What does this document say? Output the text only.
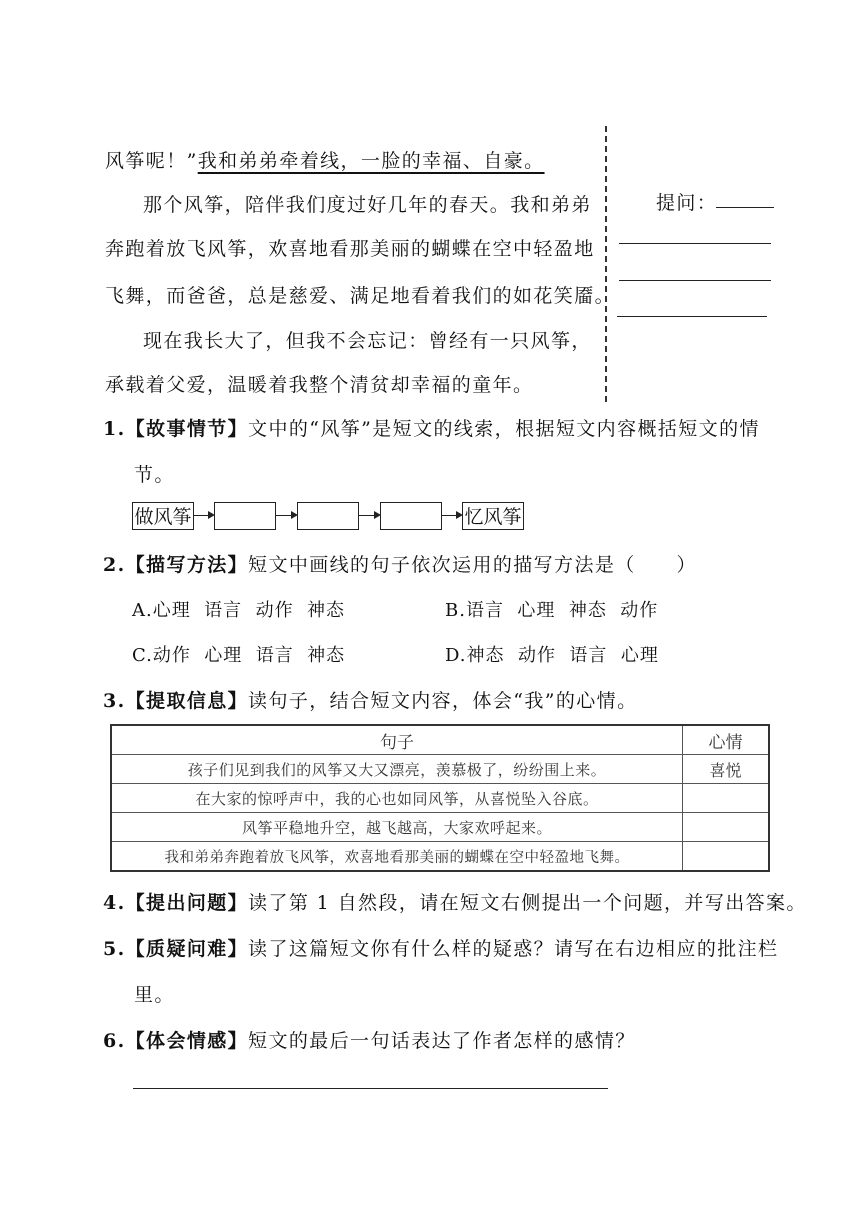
风筝呢！”我和弟弟牵着线，一脸的幸福、自豪。
那个风筝，陪伴我们度过好几年的春天。我和弟弟
奔跑着放飞风筝，欢喜地看那美丽的蝴蝶在空中轻盈地
飞舞，而爸爸，总是慈爱、满足地看着我们的如花笑靥。
现在我长大了，但我不会忘记：曾经有一只风筝，
承载着父爱，温暖着我整个清贫却幸福的童年。
提问：
1.【故事情节】文中的“风筝”是短文的线索，根据短文内容概括短文的情
节。
做风筝	忆风筝
2.【描写方法】短文中画线的句子依次运用的描写方法是（　　）
A.心理  语言  动作  神态	B.语言  心理  神态  动作
C.动作  心理  语言  神态	D.神态  动作  语言  心理
3.【提取信息】读句子，结合短文内容，体会“我”的心情。
句子	心情
孩子们见到我们的风筝又大又漂亮，羡慕极了，纷纷围上来。	喜悦
在大家的惊呼声中，我的心也如同风筝，从喜悦坠入谷底。	
风筝平稳地升空，越飞越高，大家欢呼起来。	
我和弟弟奔跑着放飞风筝，欢喜地看那美丽的蝴蝶在空中轻盈地飞舞。	
4.【提出问题】读了第 1 自然段，请在短文右侧提出一个问题，并写出答案。
5.【质疑问难】读了这篇短文你有什么样的疑惑？请写在右边相应的批注栏
里。
6.【体会情感】短文的最后一句话表达了作者怎样的感情？
